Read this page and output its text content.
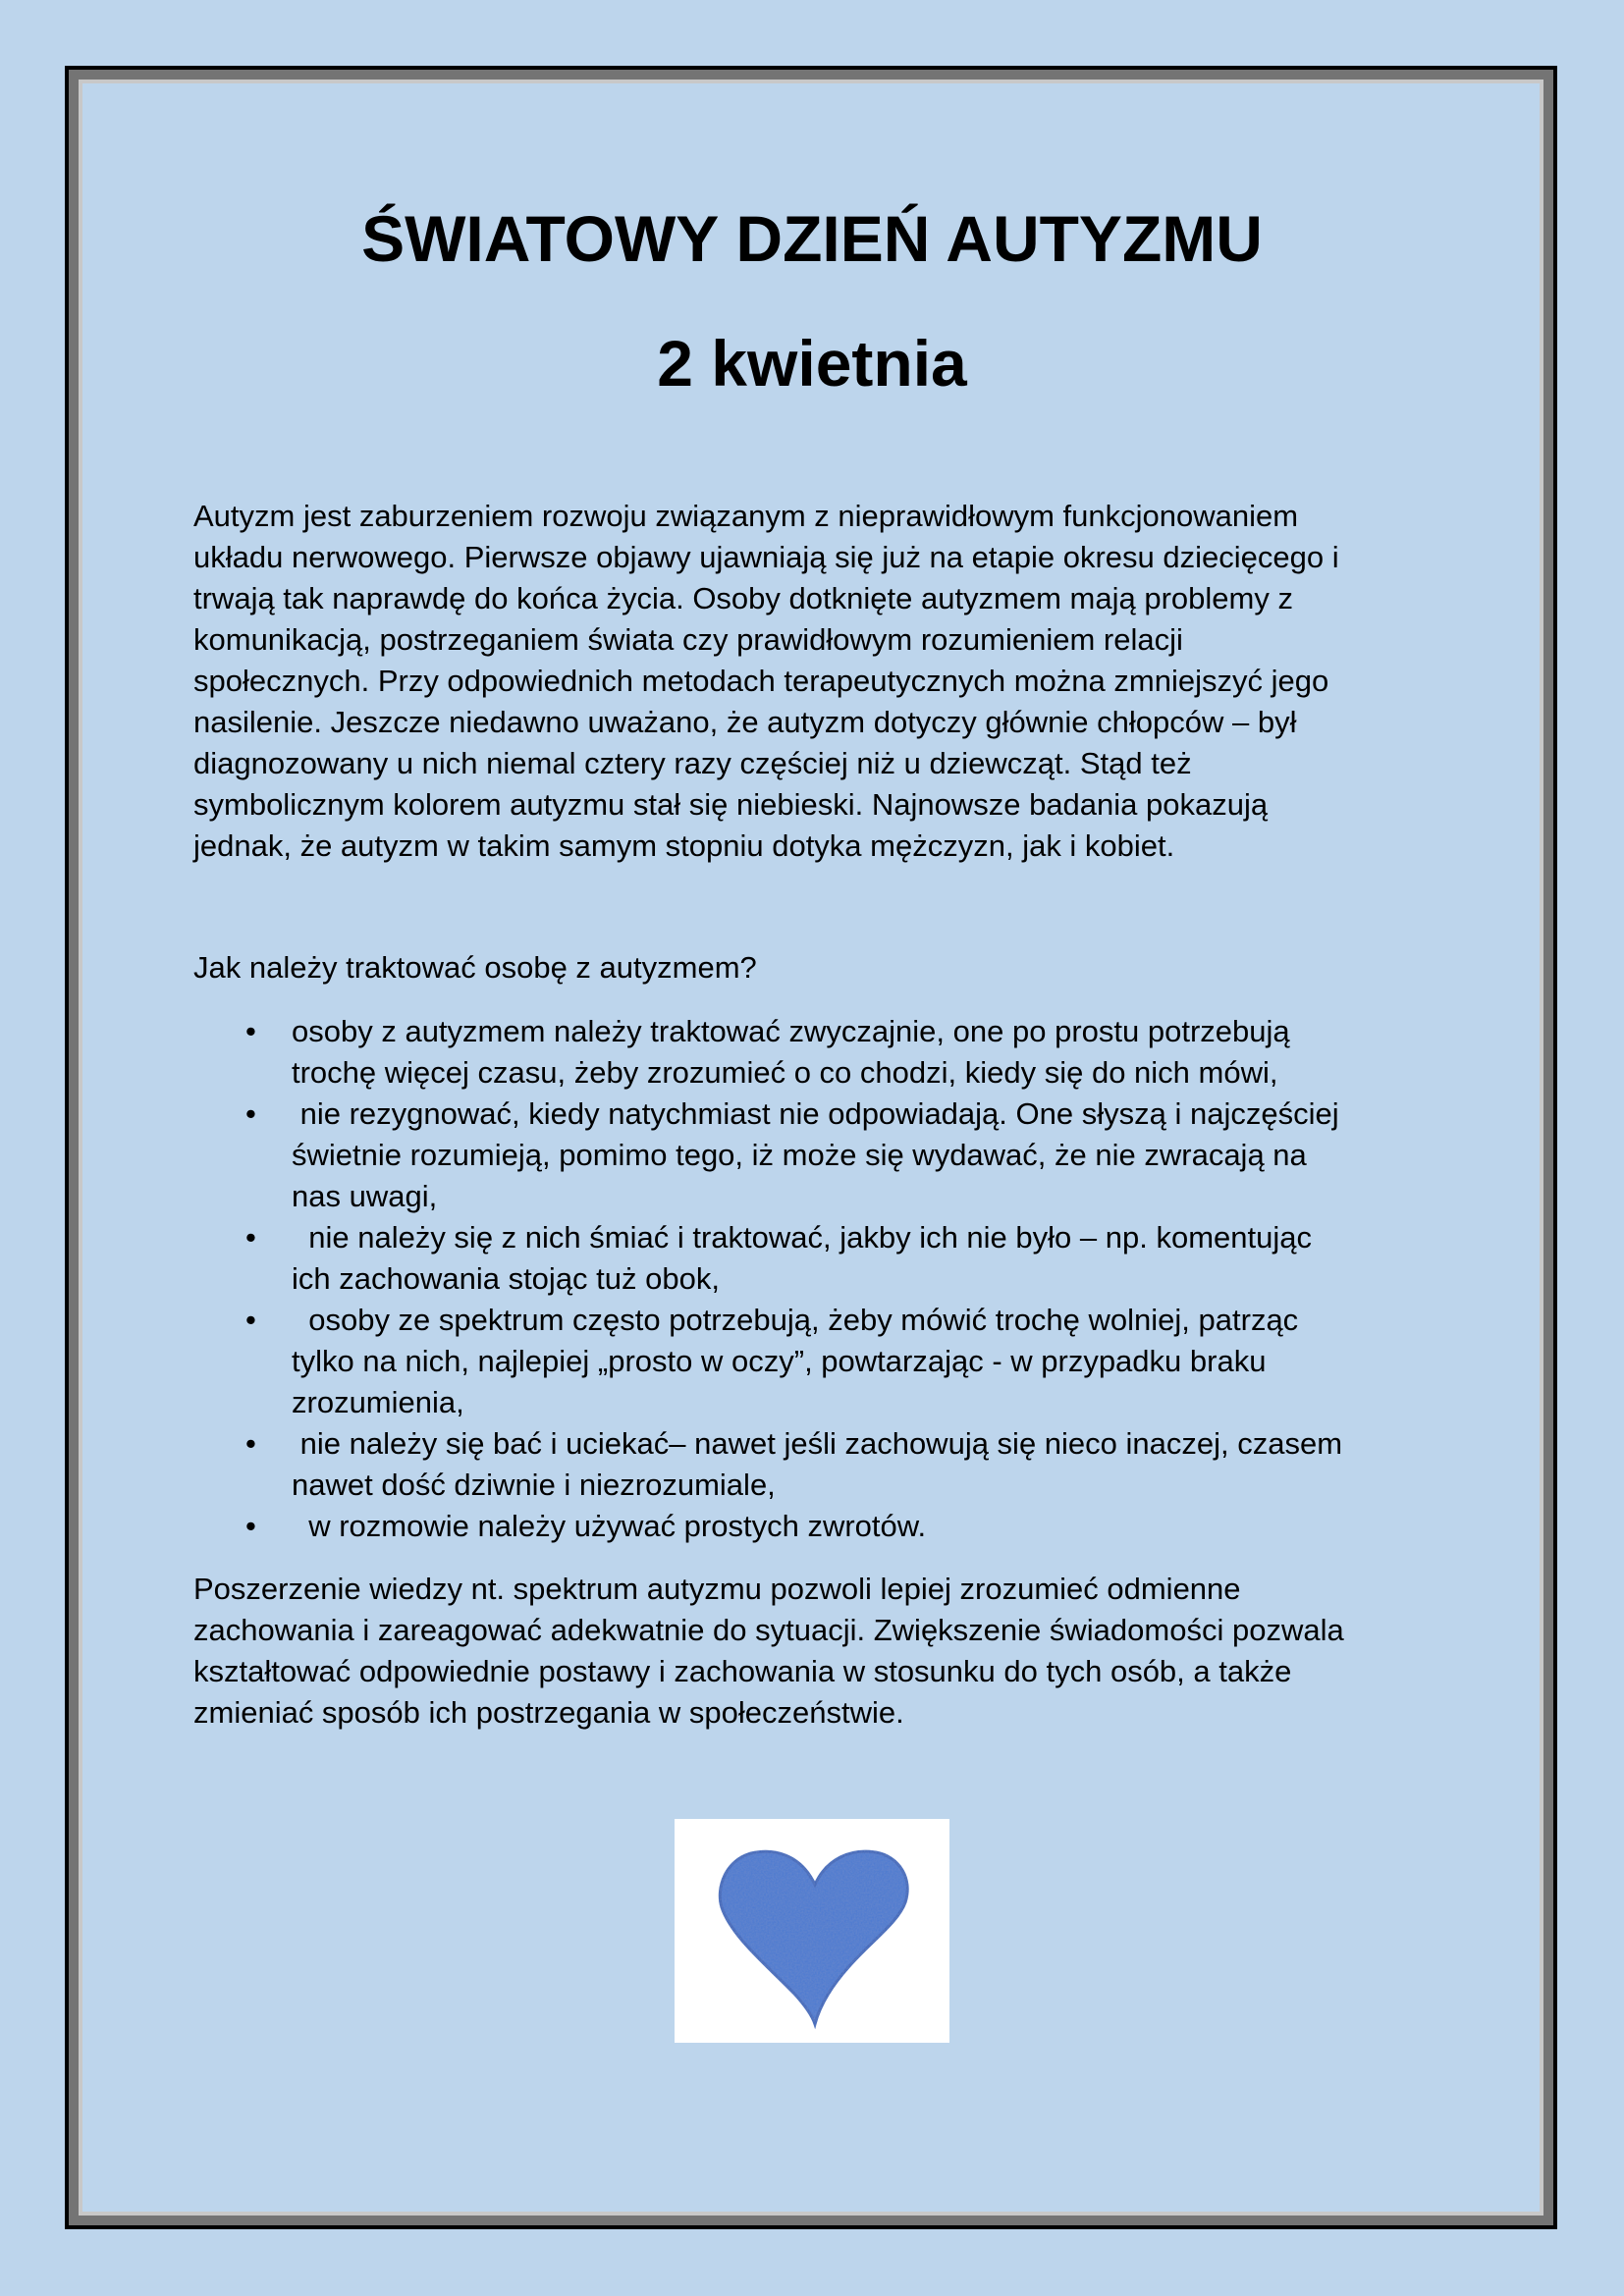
ŚWIATOWY DZIEŃ AUTYZMU
2 kwietnia
Autyzm jest zaburzeniem rozwoju związanym z nieprawidłowym funkcjonowaniem
układu nerwowego. Pierwsze objawy ujawniają się już na etapie okresu dziecięcego i
trwają tak naprawdę do końca życia. Osoby dotknięte autyzmem mają problemy z
komunikacją, postrzeganiem świata czy prawidłowym rozumieniem relacji
społecznych. Przy odpowiednich metodach terapeutycznych można zmniejszyć jego
nasilenie. Jeszcze niedawno uważano, że autyzm dotyczy głównie chłopców – był
diagnozowany u nich niemal cztery razy częściej niż u dziewcząt. Stąd też
symbolicznym kolorem autyzmu stał się niebieski. Najnowsze badania pokazują
jednak, że autyzm w takim samym stopniu dotyka mężczyzn, jak i kobiet.
Jak należy traktować osobę z autyzmem?
• osoby z autyzmem należy traktować zwyczajnie, one po prostu potrzebują
trochę więcej czasu, żeby zrozumieć o co chodzi, kiedy się do nich mówi,
• nie rezygnować, kiedy natychmiast nie odpowiadają. One słyszą i najczęściej
świetnie rozumieją, pomimo tego, iż może się wydawać, że nie zwracają na
nas uwagi,
• nie należy się z nich śmiać i traktować, jakby ich nie było – np. komentując
ich zachowania stojąc tuż obok,
• osoby ze spektrum często potrzebują, żeby mówić trochę wolniej, patrząc
tylko na nich, najlepiej „prosto w oczy”, powtarzając - w przypadku braku
zrozumienia,
• nie należy się bać i uciekać– nawet jeśli zachowują się nieco inaczej, czasem
nawet dość dziwnie i niezrozumiale,
• w rozmowie należy używać prostych zwrotów.
Poszerzenie wiedzy nt. spektrum autyzmu pozwoli lepiej zrozumieć odmienne
zachowania i zareagować adekwatnie do sytuacji. Zwiększenie świadomości pozwala
kształtować odpowiednie postawy i zachowania w stosunku do tych osób, a także
zmieniać sposób ich postrzegania w społeczeństwie.
